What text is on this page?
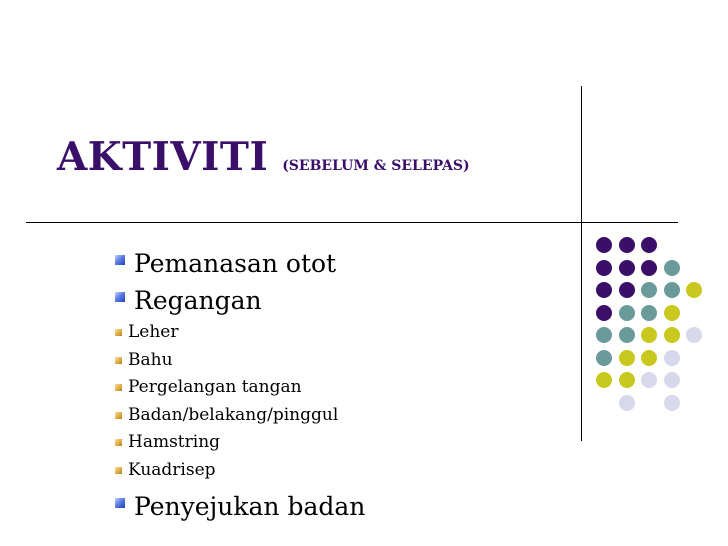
AKTIVITI (SEBELUM & SELEPAS)
Pemanasan otot
Regangan
Leher
Bahu
Pergelangan tangan
Badan/belakang/pinggul
Hamstring
Kuadrisep
Penyejukan badan
